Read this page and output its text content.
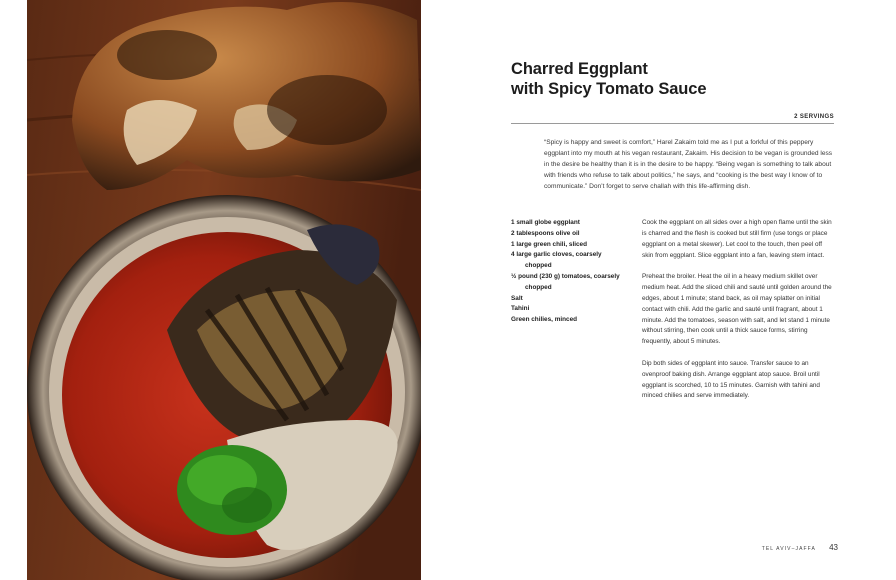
Charred Eggplant
with Spicy Tomato Sauce
2 SERVINGS

“Spicy is happy and sweet is comfort,” Harel Zakaim told me as I put a forkful of this peppery eggplant into my mouth at his vegan restaurant, Zakaim. His decision to be vegan is grounded less in the desire be healthy than it is in the desire to be happy. “Being vegan is something to talk about with friends who refuse to talk about politics,” he says, and “cooking is the best way I know of to communicate.” Don’t forget to serve challah with this life-affirming dish.

1 small globe eggplant
2 tablespoons olive oil
1 large green chili, sliced
4 large garlic cloves, coarsely chopped
½ pound (230 g) tomatoes, coarsely chopped
Salt
Tahini
Green chilies, minced

Cook the eggplant on all sides over a high open flame until the skin is charred and the flesh is cooked but still firm (use tongs or place eggplant on a metal skewer). Let cool to the touch, then peel off skin from eggplant. Slice eggplant into a fan, leaving stem intact.

Preheat the broiler. Heat the oil in a heavy medium skillet over medium heat. Add the sliced chili and sauté until golden around the edges, about 1 minute; stand back, as oil may splatter on initial contact with chili. Add the garlic and sauté until fragrant, about 1 minute. Add the tomatoes, season with salt, and let stand 1 minute without stirring, then cook until a thick sauce forms, stirring frequently, about 5 minutes.

Dip both sides of eggplant into sauce. Transfer sauce to an ovenproof baking dish. Arrange eggplant atop sauce. Broil until eggplant is scorched, 10 to 15 minutes. Garnish with tahini and minced chilies and serve immediately.

TEL AVIV–JAFFA	43
